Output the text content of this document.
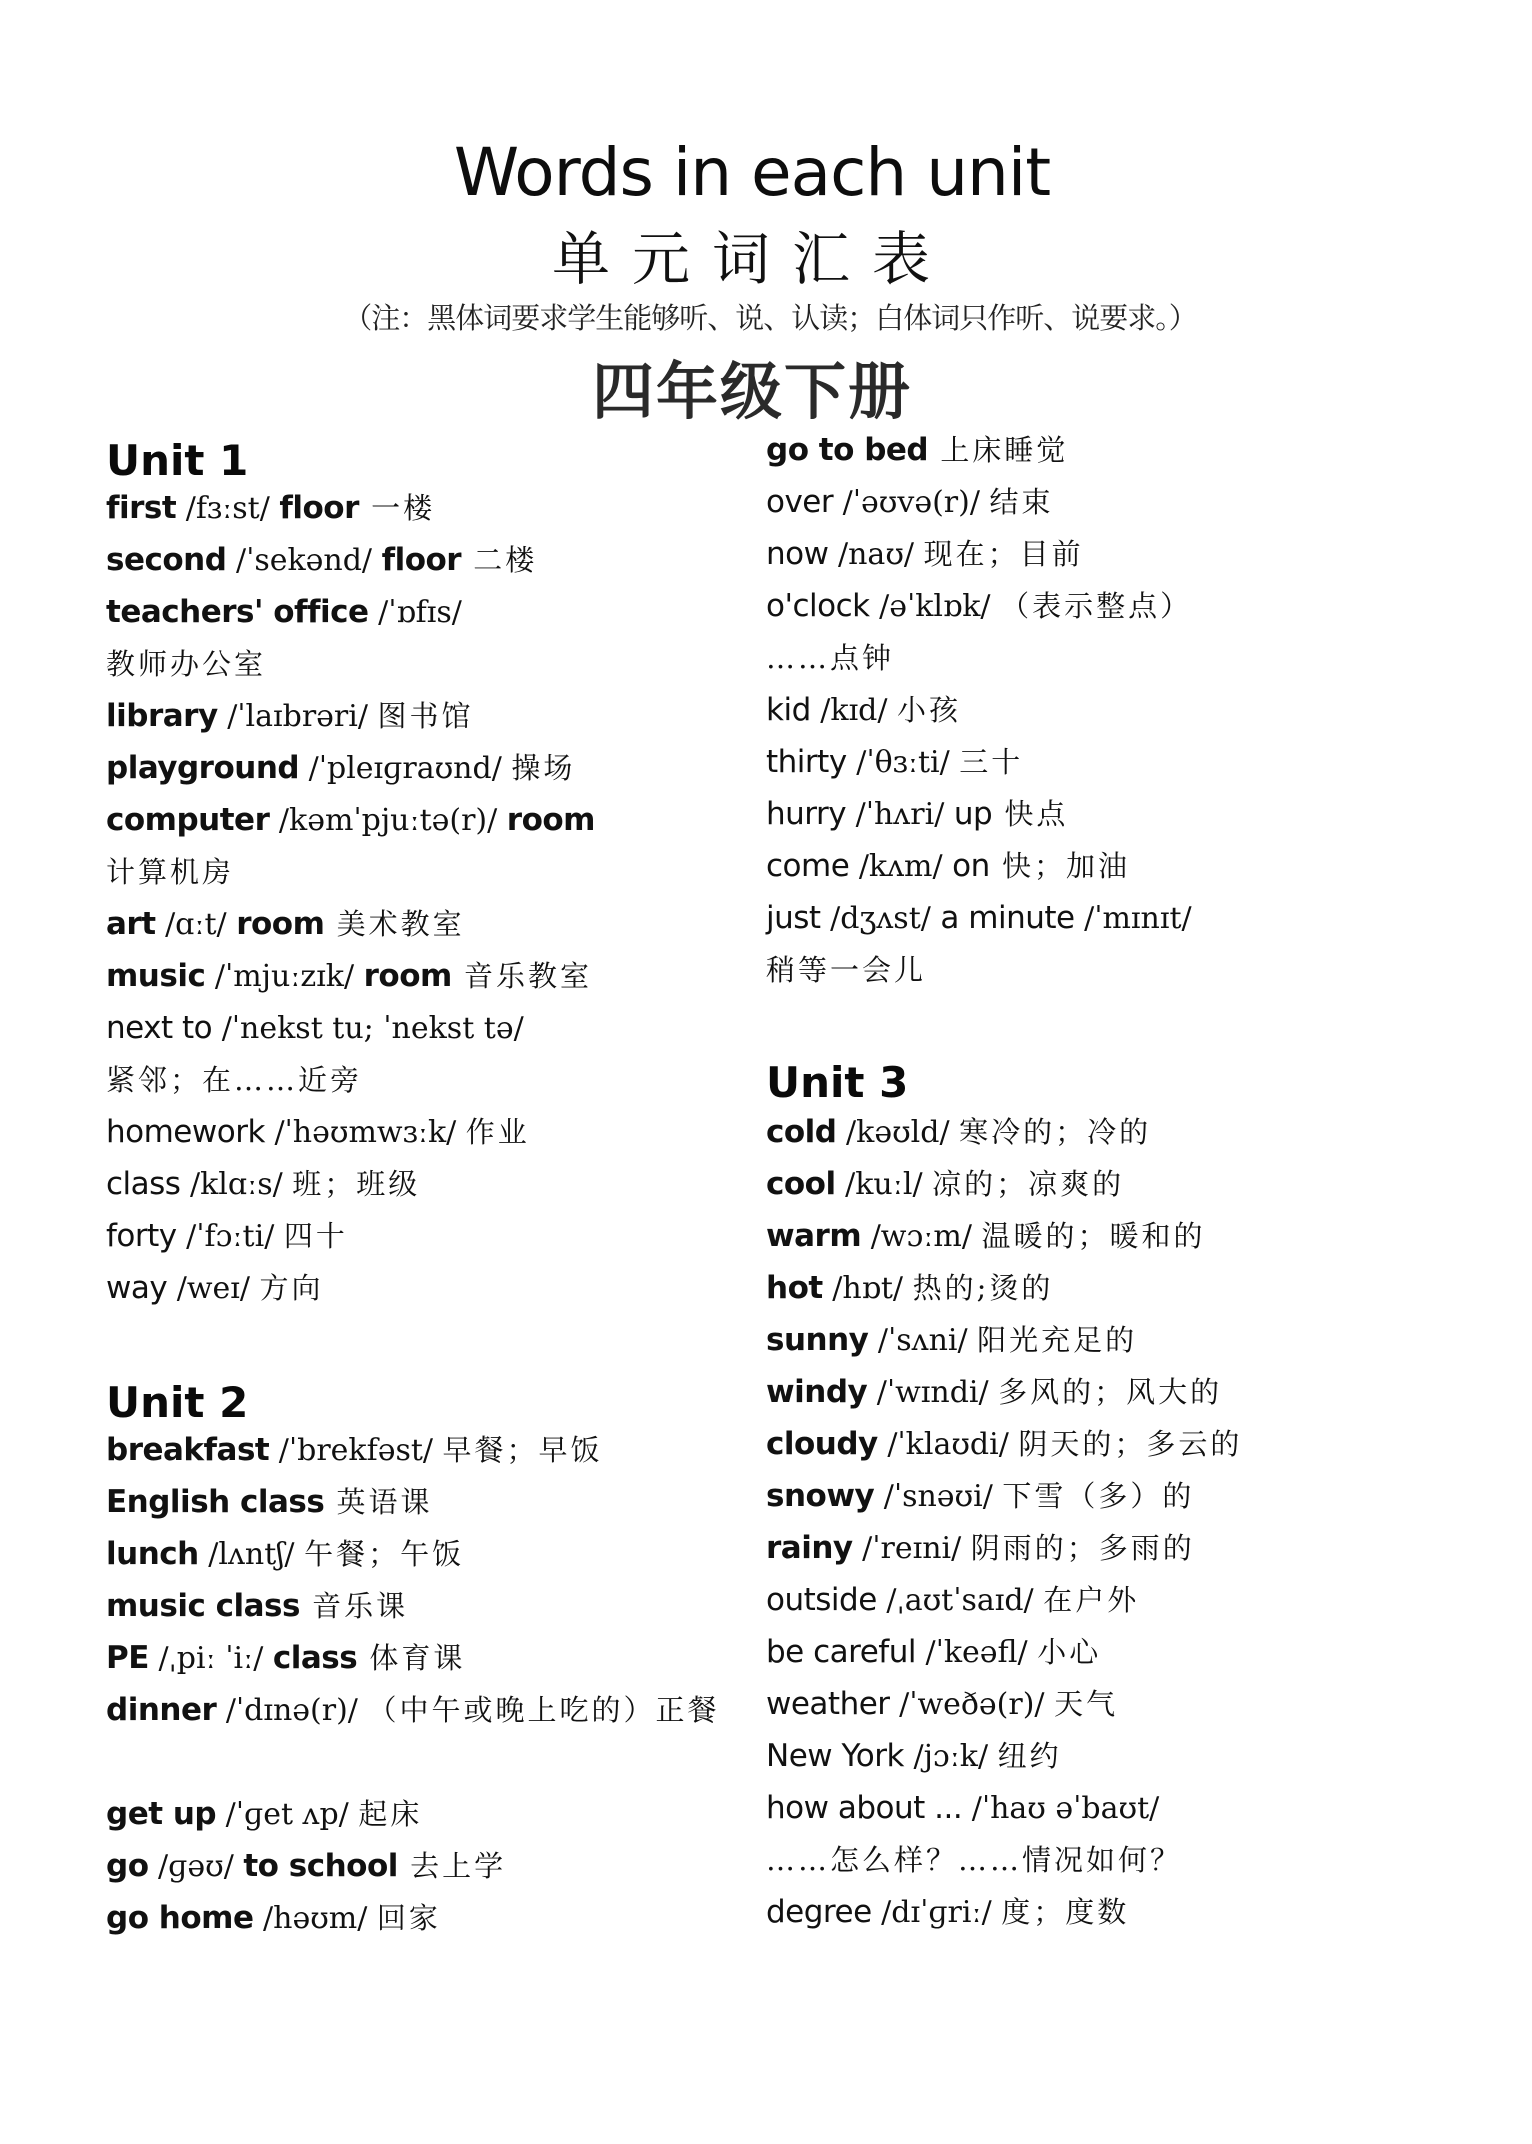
Words in each unit
单元词汇表
（注：黑体词要求学生能够听、说、认读；白体词只作听、说要求。）
四年级下册
Unit 1
first /fɜːst/ floor 一楼
second /ˈsekənd/ floor 二楼
teachers' office /ˈɒfɪs/
教师办公室
library /ˈlaɪbrəri/ 图书馆
playground /ˈpleɪɡraʊnd/ 操场
computer /kəmˈpjuːtə(r)/ room
计算机房
art /ɑːt/ room 美术教室
music /ˈmjuːzɪk/ room 音乐教室
next to /ˈnekst tu; ˈnekst tə/
紧邻；在……近旁
homework /ˈhəʊmwɜːk/ 作业
class /klɑːs/ 班；班级
forty /ˈfɔːti/ 四十
way /weɪ/ 方向
Unit 2
breakfast /ˈbrekfəst/ 早餐；早饭
English class 英语课
lunch /lʌntʃ/ 午餐；午饭
music class 音乐课
PE /ˌpiː ˈiː/ class 体育课
dinner /ˈdɪnə(r)/ （中午或晚上吃的）正餐
get up /ˈɡet ʌp/ 起床
go /ɡəʊ/ to school 去上学
go home /həʊm/ 回家
go to bed 上床睡觉
over /ˈəʊvə(r)/ 结束
now /naʊ/ 现在；目前
o'clock /əˈklɒk/ （表示整点）
……点钟
kid /kɪd/ 小孩
thirty /ˈθɜːti/ 三十
hurry /ˈhʌri/ up 快点
come /kʌm/ on 快；加油
just /dʒʌst/ a minute /ˈmɪnɪt/
稍等一会儿
Unit 3
cold /kəʊld/ 寒冷的；冷的
cool /kuːl/ 凉的；凉爽的
warm /wɔːm/ 温暖的；暖和的
hot /hɒt/ 热的;烫的
sunny /ˈsʌni/ 阳光充足的
windy /ˈwɪndi/ 多风的；风大的
cloudy /ˈklaʊdi/ 阴天的；多云的
snowy /ˈsnəʊi/ 下雪（多）的
rainy /ˈreɪni/ 阴雨的；多雨的
outside /ˌaʊtˈsaɪd/ 在户外
be careful /ˈkeəfl/ 小心
weather /ˈweðə(r)/ 天气
New York /jɔːk/ 纽约
how about ... /ˈhaʊ əˈbaʊt/
……怎么样？……情况如何？
degree /dɪˈɡriː/ 度；度数
